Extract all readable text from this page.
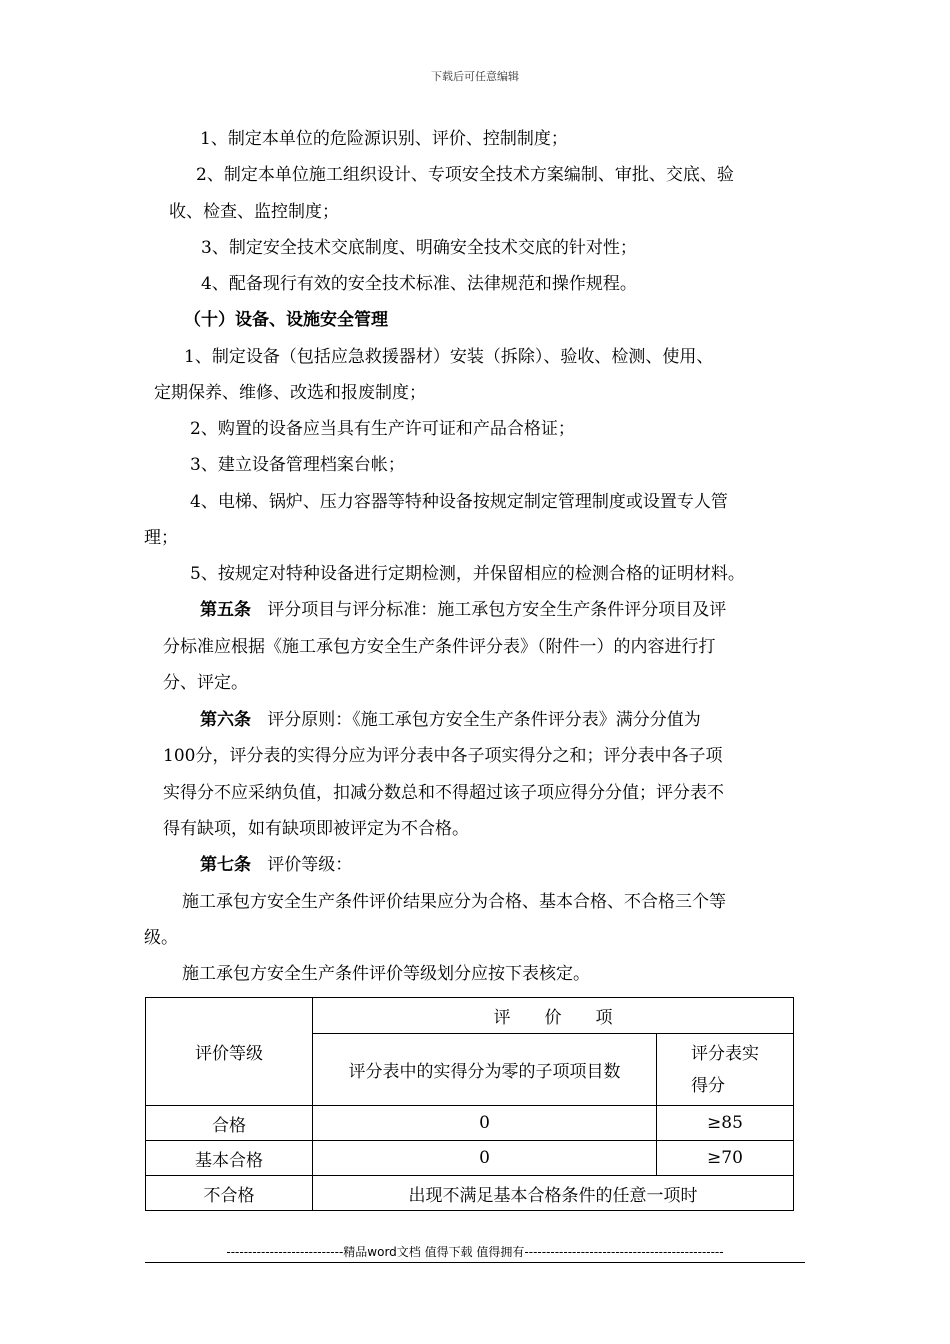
下载后可任意编辑
1、制定本单位的危险源识别、评价、控制制度；
2、制定本单位施工组织设计、专项安全技术方案编制、审批、交底、验
收、检查、监控制度；
3、制定安全技术交底制度、明确安全技术交底的针对性；
4、配备现行有效的安全技术标准、法律规范和操作规程。
（十）设备、设施安全管理
1、制定设备（包括应急救援器材）安装（拆除）、验收、检测、使用、
定期保养、维修、改选和报废制度；
2、购置的设备应当具有生产许可证和产品合格证；
3、建立设备管理档案台帐；
4、电梯、锅炉、压力容器等特种设备按规定制定管理制度或设置专人管
理；
5、按规定对特种设备进行定期检测，并保留相应的检测合格的证明材料。
第五条 评分项目与评分标准：施工承包方安全生产条件评分项目及评
分标准应根据《施工承包方安全生产条件评分表》（附件一）的内容进行打
分、评定。
第六条 评分原则：《施工承包方安全生产条件评分表》满分分值为
100分，评分表的实得分应为评分表中各子项实得分之和；评分表中各子项
实得分不应采纳负值，扣减分数总和不得超过该子项应得分分值；评分表不
得有缺项，如有缺项即被评定为不合格。
第七条 评价等级：
施工承包方安全生产条件评价结果应分为合格、基本合格、不合格三个等
级。
施工承包方安全生产条件评价等级划分应按下表核定。
评价等级	评　　价　　项	
	评分表中的实得分为零的子项项目数	评分表实
得分
合格	0	≥85
基本合格	0	≥70
不合格	出现不满足基本合格条件的任意一项时	
---------------------------精品word文档 值得下载 值得拥有----------------------------------------------
